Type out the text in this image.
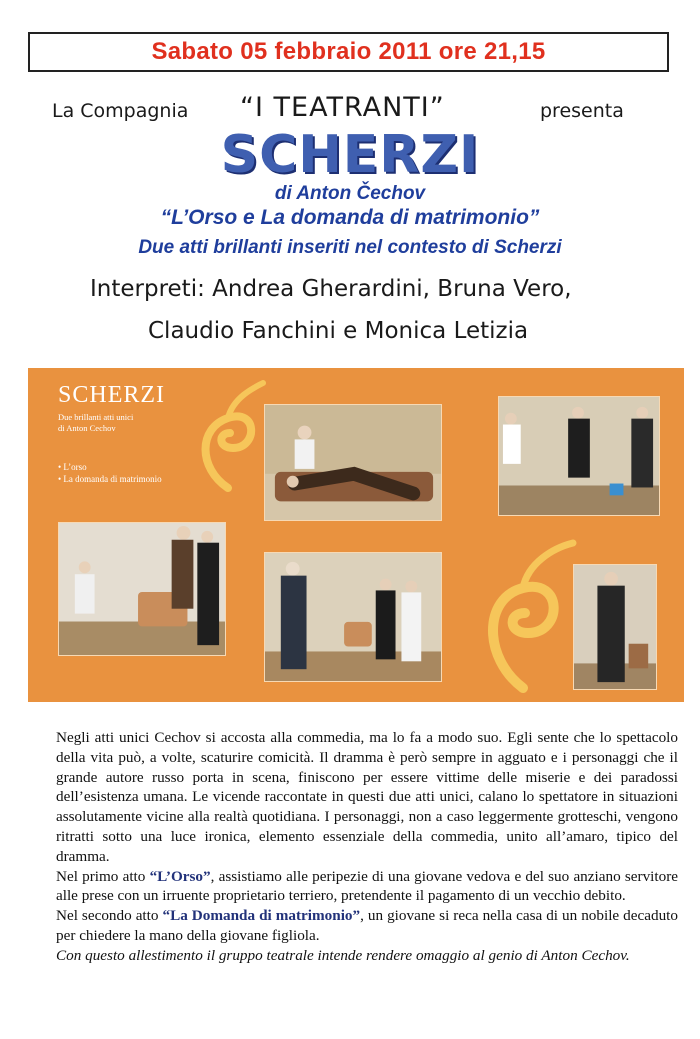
Sabato 05 febbraio 2011 ore 21,15
La Compagnia “I TEATRANTI”	presenta
SCHERZI
di Anton Čechov
“L’Orso e La domanda di matrimonio”
Due atti brillanti inseriti nel contesto di Scherzi
Interpreti: Andrea Gherardini, Bruna Vero,
Claudio Fanchini e Monica Letizia
SCHERZI
Due brillanti atti unici
di Anton Cechov
• L’orso
• La domanda di matrimonio

Negli atti unici Cechov si accosta alla commedia, ma lo fa a modo suo. Egli sente che lo spettacolo della vita può, a volte, scaturire comicità. Il dramma è però sempre in agguato e i personaggi che il grande autore russo porta in scena, finiscono per essere vittime delle miserie e dei paradossi dell’esistenza umana. Le vicende raccontate in questi due atti unici, calano lo spettatore in situazioni assolutamente vicine alla realtà quotidiana. I personaggi, non a caso leggermente grotteschi, vengono ritratti sotto una luce ironica, elemento essenziale della commedia, unito all’amaro, tipico del dramma.

Nel primo atto “L’Orso”, assistiamo alle peripezie di una giovane vedova e del suo anziano servitore alle prese con un irruente proprietario terriero, pretendente il pagamento di un vecchio debito.

Nel secondo atto “La Domanda di matrimonio”, un giovane si reca nella casa di un nobile decaduto per chiedere la mano della giovane figliola.

Con questo allestimento il gruppo teatrale intende rendere omaggio al genio di Anton Cechov.
